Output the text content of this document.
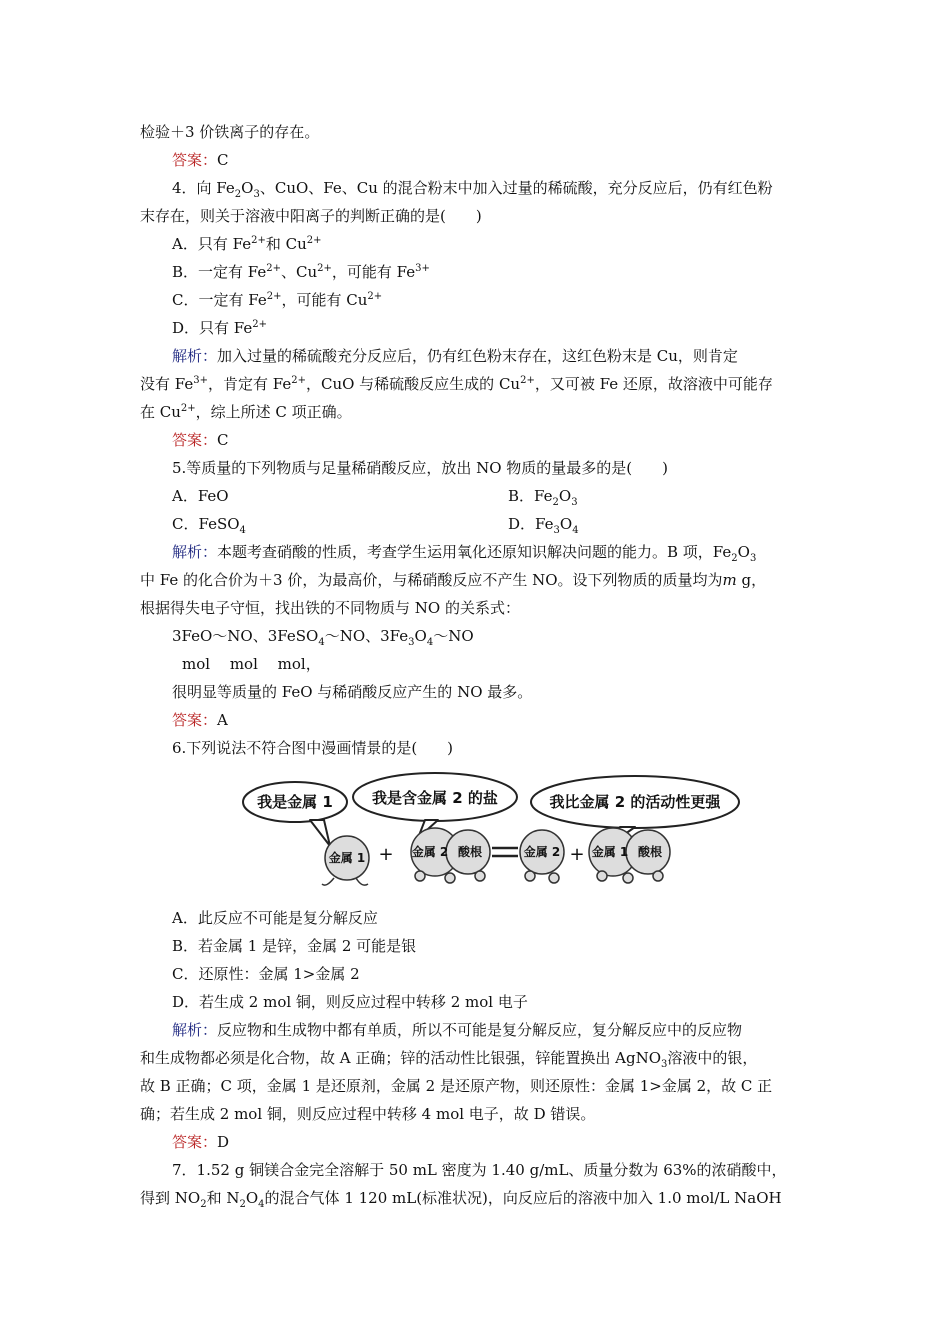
检验＋3 价铁离子的存在。
答案：C
4．向 $Fe_2O_3$、CuO、Fe、Cu 的混合粉末中加入过量的稀硫酸，充分反应后，仍有红色粉
末存在，则关于溶液中阳离子的判断正确的是(　　)
A．只有 $Fe^{2+}$和 $Cu^{2+}$
B．一定有 $Fe^{2+}$、$Cu^{2+}$，可能有 $Fe^{3+}$
C．一定有 $Fe^{2+}$，可能有 $Cu^{2+}$
D．只有 $Fe^{2+}$
解析：加入过量的稀硫酸充分反应后，仍有红色粉末存在，这红色粉末是 Cu，则肯定
没有 $Fe^{3+}$，肯定有 $Fe^{2+}$，CuO 与稀硫酸反应生成的 $Cu^{2+}$，又可被 Fe 还原，故溶液中可能存
在 $Cu^{2+}$，综上所述 C 项正确。
答案：C
5.等质量的下列物质与足量稀硝酸反应，放出 NO 物质的量最多的是(　　)
A．FeO	B．$Fe_2O_3$
C．FeSO$_4$	D．$Fe_3O_4$
解析：本题考查硝酸的性质，考查学生运用氧化还原知识解决问题的能力。B 项，$Fe_2O_3$
中 Fe 的化合价为＋3 价，为最高价，与稀硝酸反应不产生 NO。设下列物质的质量均为m g，
根据得失电子守恒，找出铁的不同物质与 NO 的关系式：
3FeO～NO、3FeSO$_4$～NO、$3Fe_3O_4\sim NO$
mol　 mol　 mol，
很明显等质量的 FeO 与稀硝酸反应产生的 NO 最多。
答案：A
6.下列说法不符合图中漫画情景的是(　　)
我是金属 1	我是含金属 2 的盐	我比金属 2 的活动性更强
金属 1	金属 2 酸根	金属 2	金属 1 酸根
+	+
A．此反应不可能是复分解反应
B．若金属 1 是锌，金属 2 可能是银
C．还原性：金属 1>金属 2
D．若生成 2 mol 铜，则反应过程中转移 2 mol 电子
解析：反应物和生成物中都有单质，所以不可能是复分解反应，复分解反应中的反应物
和生成物都必须是化合物，故 A 正确；锌的活动性比银强，锌能置换出 AgNO$_3$溶液中的银，
故 B 正确；C 项，金属 1 是还原剂，金属 2 是还原产物，则还原性：金属 1>金属 2，故 C 正
确；若生成 2 mol 铜，则反应过程中转移 4 mol 电子，故 D 错误。
答案：D
7．1.52 g 铜镁合金完全溶解于 50 mL 密度为 1.40 g/mL、质量分数为 63%的浓硝酸中，
得到 $NO_2$和 $N_2O_4$的混合气体 1 120 mL(标准状况)，向反应后的溶液中加入 1.0 mol/L NaOH
